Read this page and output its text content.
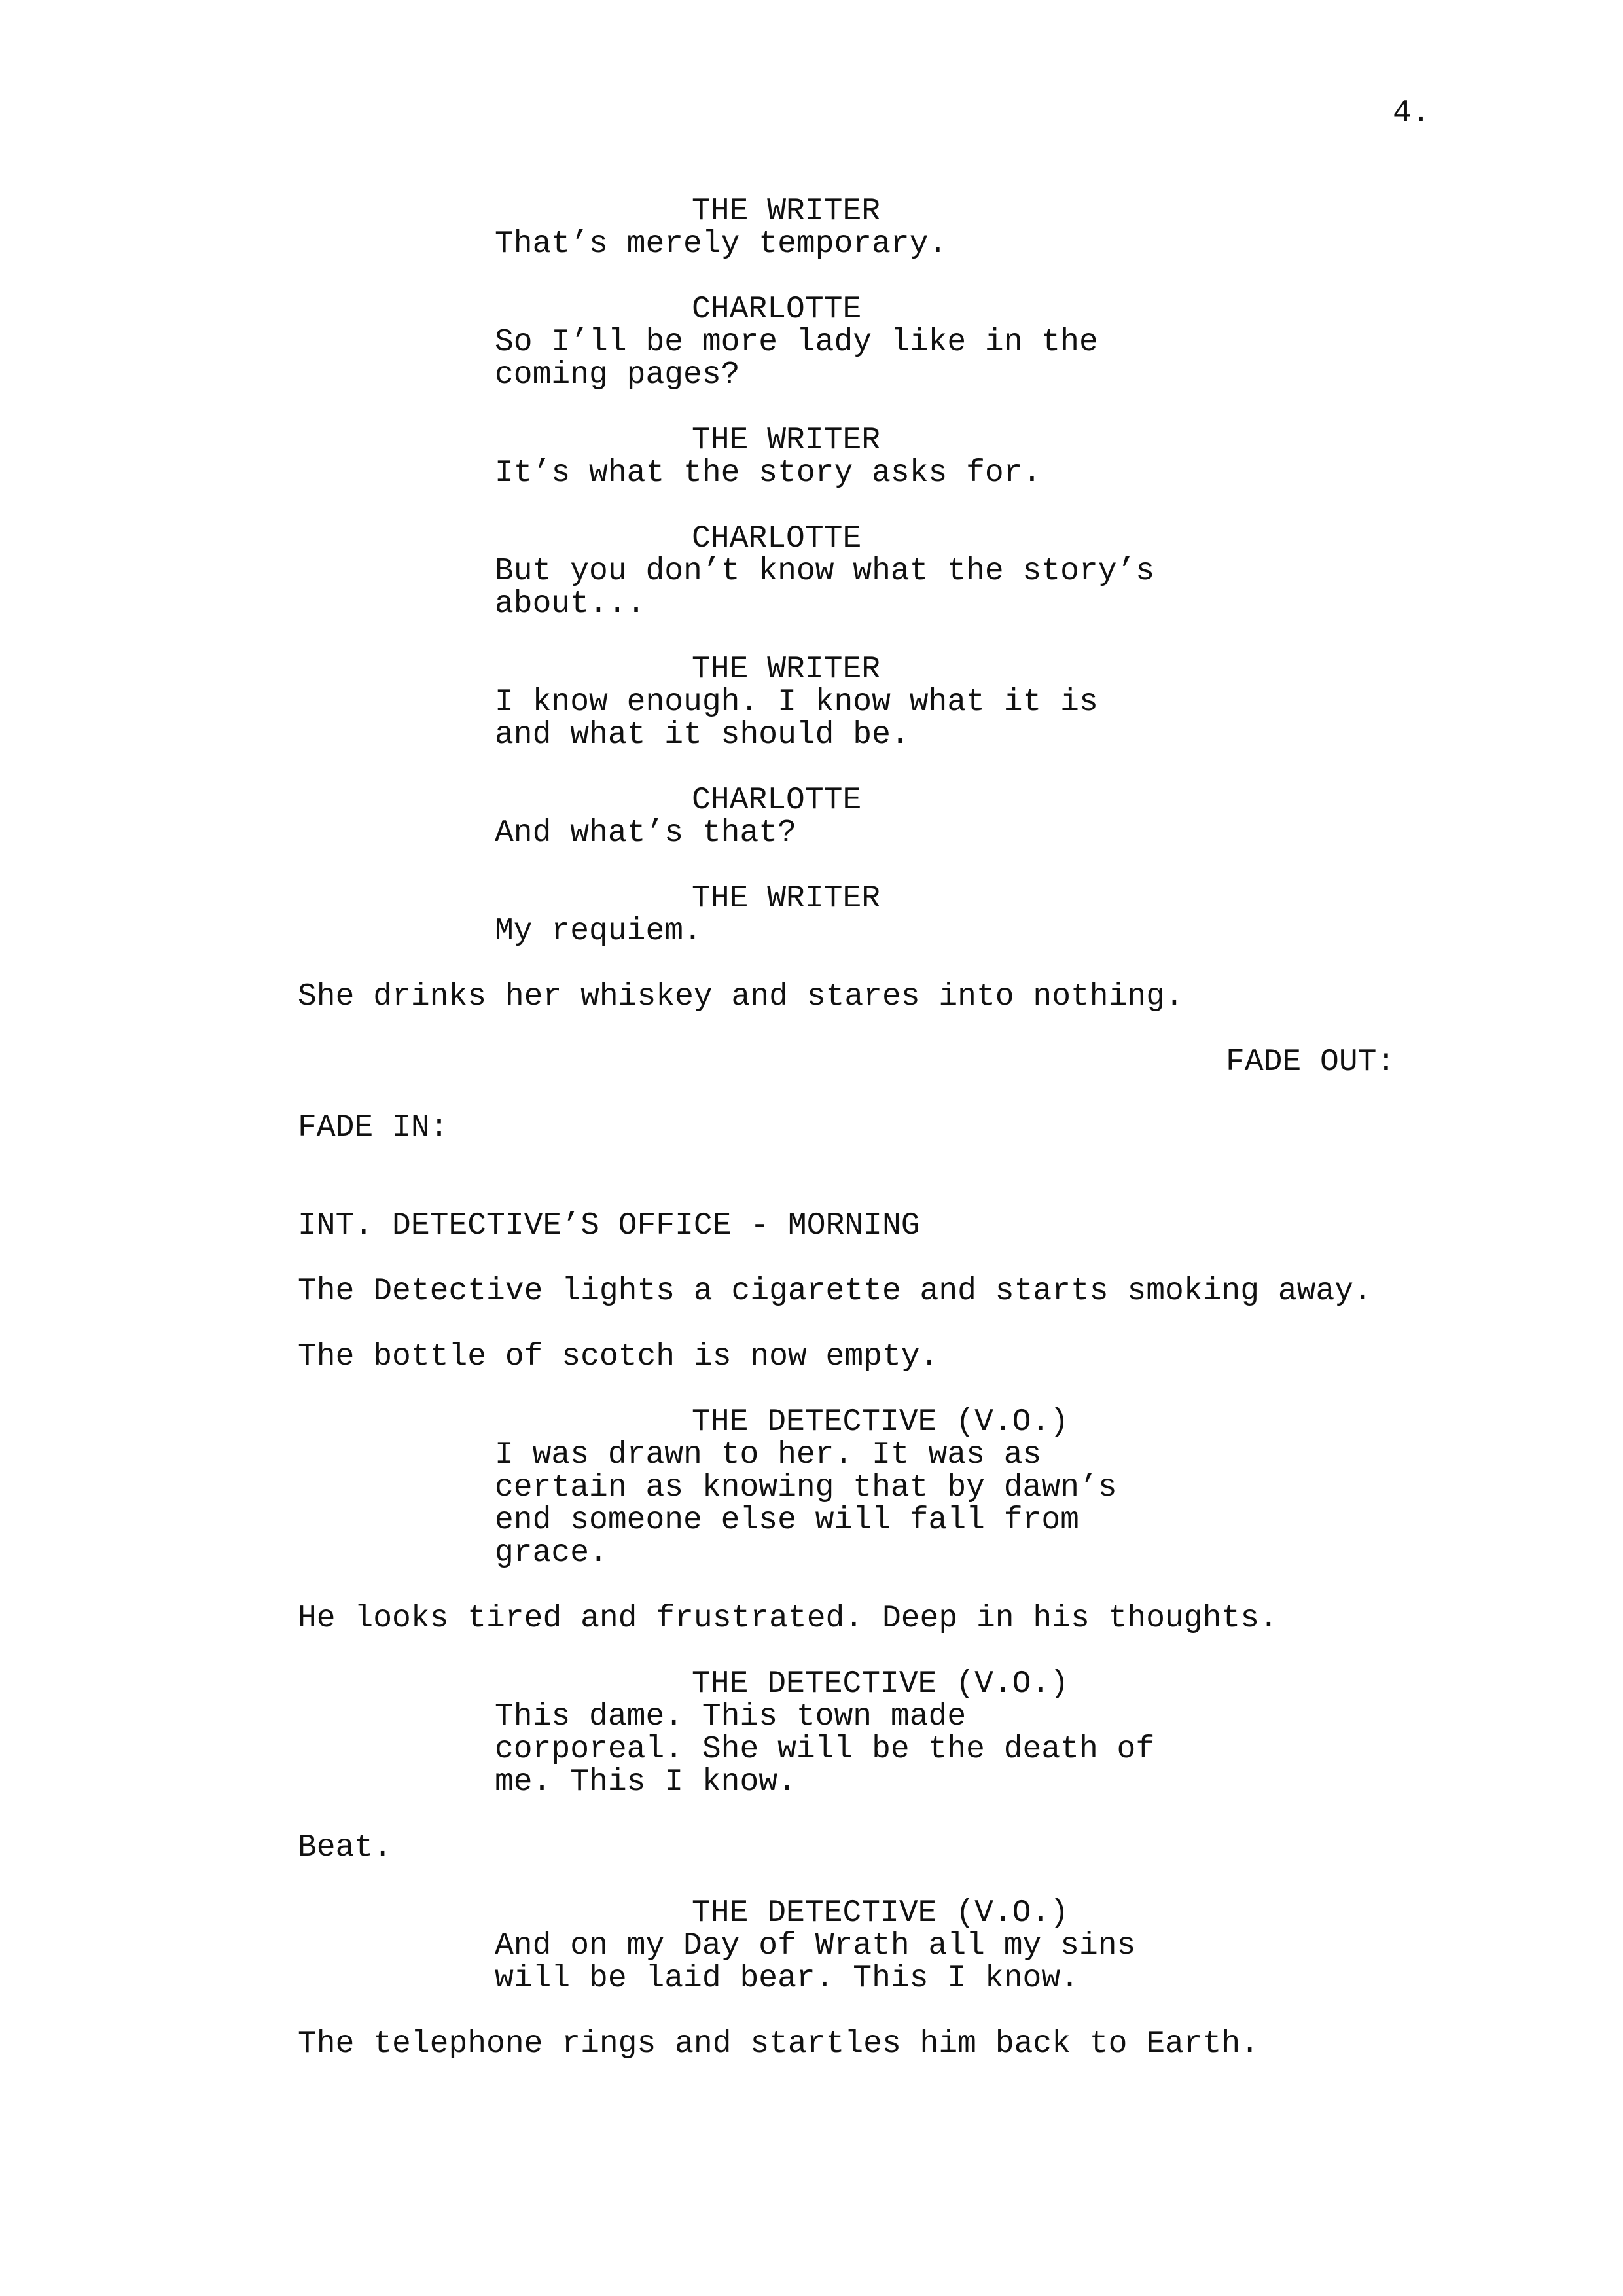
4.
THE WRITER
That’s merely temporary.
CHARLOTTE
So I’ll be more lady like in the
coming pages?
THE WRITER
It’s what the story asks for.
CHARLOTTE
But you don’t know what the story’s
about...
THE WRITER
I know enough. I know what it is
and what it should be.
CHARLOTTE
And what’s that?
THE WRITER
My requiem.
She drinks her whiskey and stares into nothing.
FADE OUT:
FADE IN:
INT. DETECTIVE’S OFFICE - MORNING
The Detective lights a cigarette and starts smoking away.
The bottle of scotch is now empty.
THE DETECTIVE (V.O.)
I was drawn to her. It was as
certain as knowing that by dawn’s
end someone else will fall from
grace.
He looks tired and frustrated. Deep in his thoughts.
THE DETECTIVE (V.O.)
This dame. This town made
corporeal. She will be the death of
me. This I know.
Beat.
THE DETECTIVE (V.O.)
And on my Day of Wrath all my sins
will be laid bear. This I know.
The telephone rings and startles him back to Earth.
